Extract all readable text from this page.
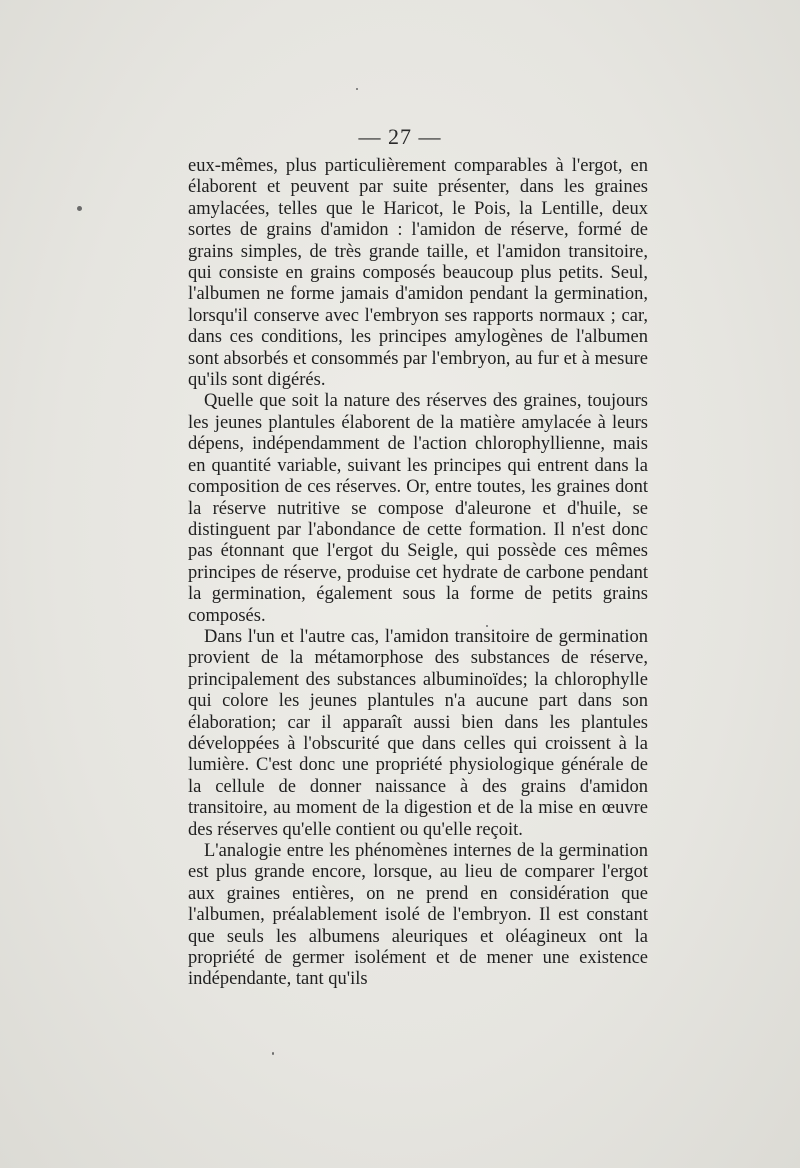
— 27 —

eux-mêmes, plus particulièrement comparables à l'ergot, en élaborent et peuvent par suite présenter, dans les graines amylacées, telles que le Haricot, le Pois, la Lentille, deux sortes de grains d'amidon : l'amidon de réserve, formé de grains simples, de très grande taille, et l'amidon transitoire, qui consiste en grains composés beaucoup plus petits. Seul, l'albumen ne forme jamais d'amidon pendant la germination, lorsqu'il conserve avec l'embryon ses rapports normaux ; car, dans ces conditions, les principes amylogènes de l'albumen sont absorbés et consommés par l'embryon, au fur et à mesure qu'ils sont digérés.

Quelle que soit la nature des réserves des graines, toujours les jeunes plantules élaborent de la matière amylacée à leurs dépens, indépendamment de l'action chlorophyllienne, mais en quantité variable, suivant les principes qui entrent dans la composition de ces réserves. Or, entre toutes, les graines dont la réserve nutritive se compose d'aleurone et d'huile, se distinguent par l'abondance de cette formation. Il n'est donc pas étonnant que l'ergot du Seigle, qui possède ces mêmes principes de réserve, produise cet hydrate de carbone pendant la germination, également sous la forme de petits grains composés.

Dans l'un et l'autre cas, l'amidon transitoire de germination provient de la métamorphose des substances de réserve, principalement des substances albuminoïdes; la chlorophylle qui colore les jeunes plantules n'a aucune part dans son élaboration; car il apparaît aussi bien dans les plantules développées à l'obscurité que dans celles qui croissent à la lumière. C'est donc une propriété physiologique générale de la cellule de donner naissance à des grains d'amidon transitoire, au moment de la digestion et de la mise en œuvre des réserves qu'elle contient ou qu'elle reçoit.

L'analogie entre les phénomènes internes de la germination est plus grande encore, lorsque, au lieu de comparer l'ergot aux graines entières, on ne prend en considération que l'albumen, préalablement isolé de l'embryon. Il est constant que seuls les albumens aleuriques et oléagineux ont la propriété de germer isolément et de mener une existence indépendante, tant qu'ils
